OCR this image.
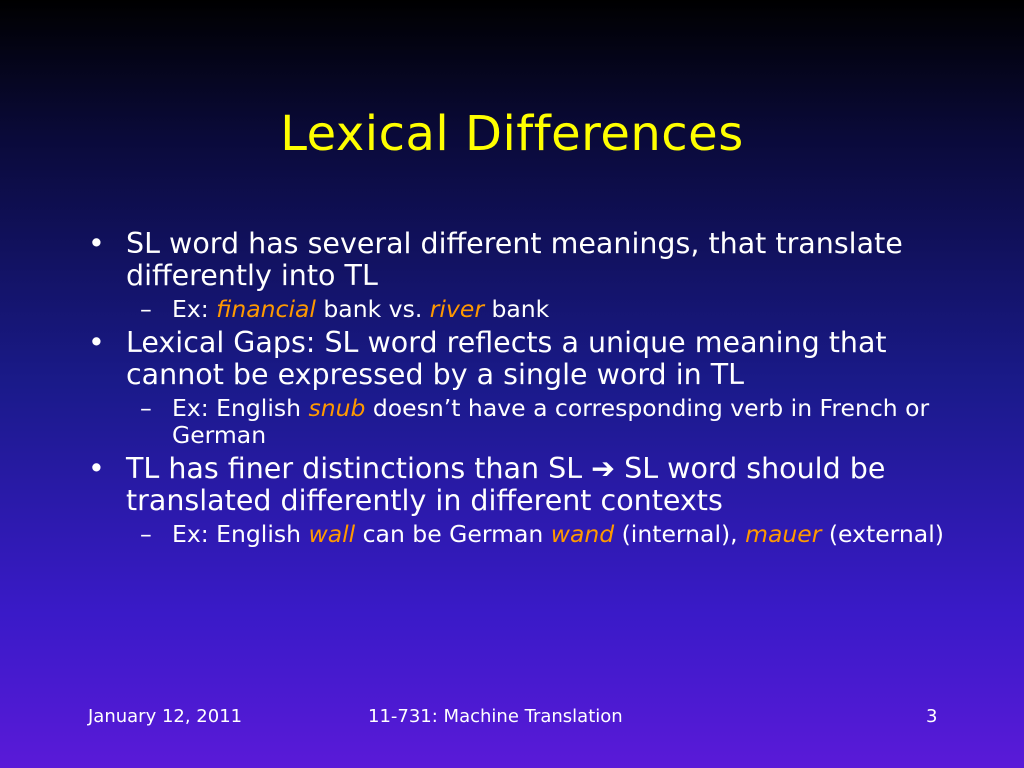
Lexical Differences
• SL word has several different meanings, that translate differently into TL
– Ex: financial bank vs. river bank
• Lexical Gaps: SL word reflects a unique meaning that cannot be expressed by a single word in TL
– Ex: English snub doesn’t have a corresponding verb in French or German
• TL has finer distinctions than SL ➔ SL word should be translated differently in different contexts
– Ex: English wall can be German wand (internal), mauer (external)
January 12, 2011	11-731: Machine Translation	3
